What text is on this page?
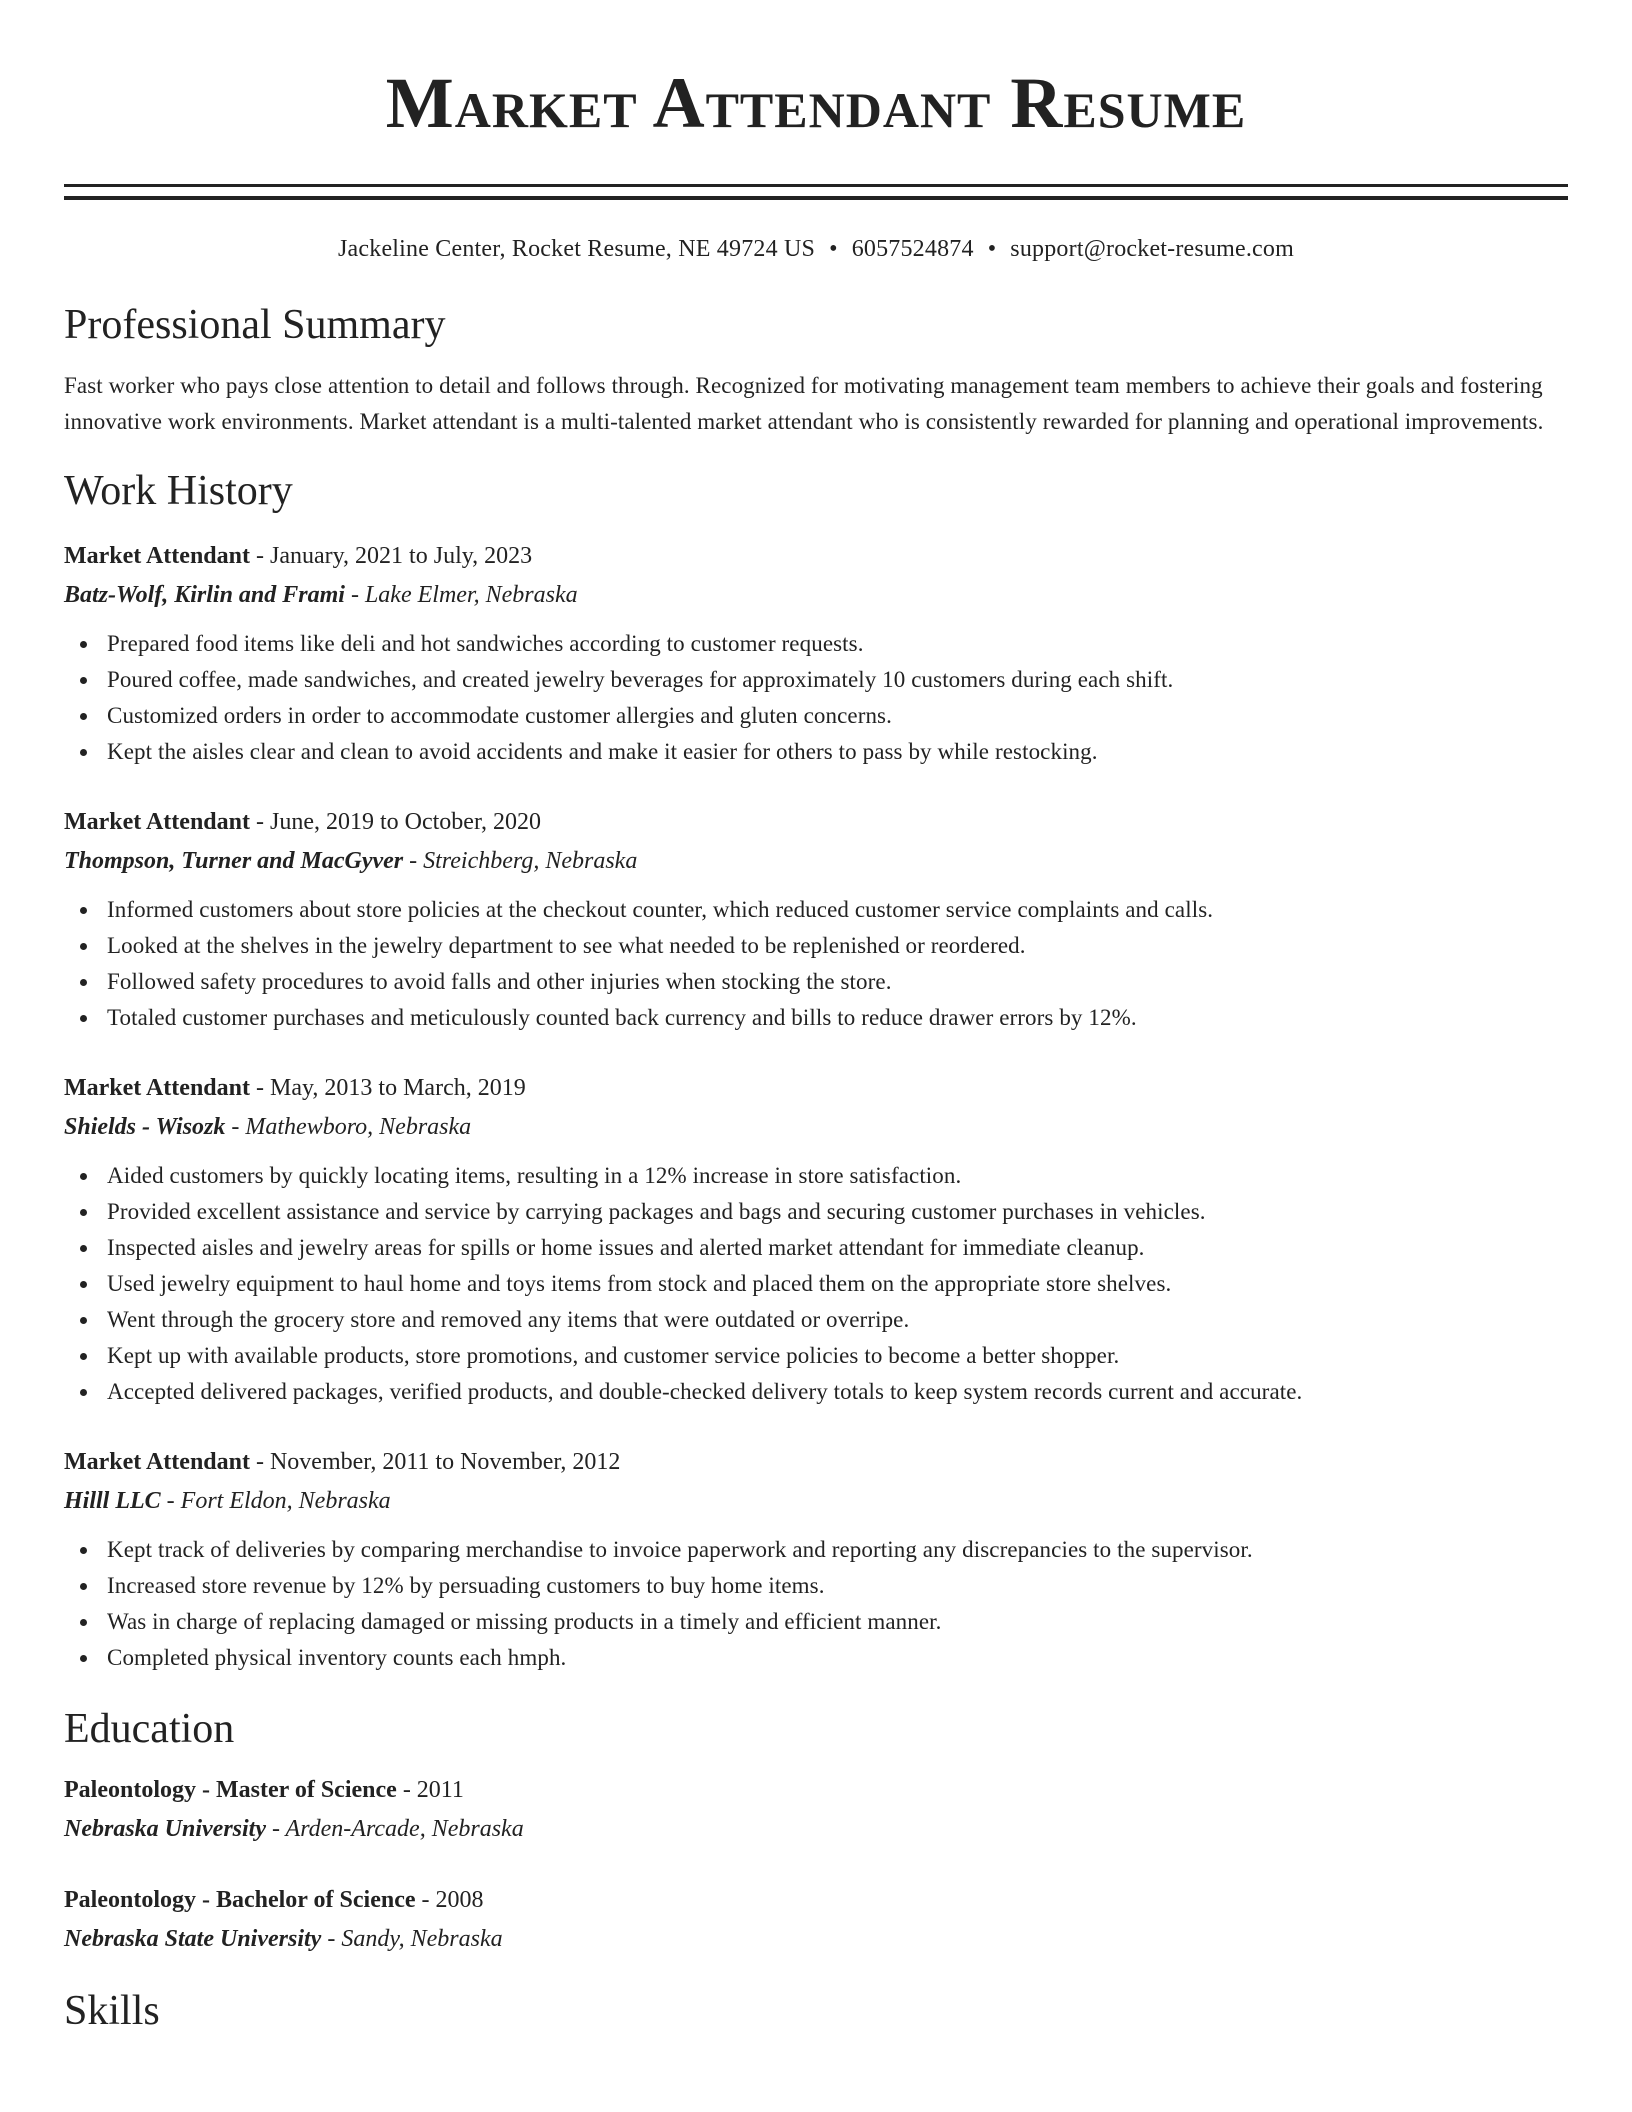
Market Attendant Resume
Jackeline Center, Rocket Resume, NE 49724 US • 6057524874 • support@rocket-resume.com
Professional Summary

Fast worker who pays close attention to detail and follows through. Recognized for motivating management team members to achieve their goals and fostering innovative work environments. Market attendant is a multi-talented market attendant who is consistently rewarded for planning and operational improvements.

Work History

Market Attendant - January, 2021 to July, 2023

Batz-Wolf, Kirlin and Frami - Lake Elmer, Nebraska

Prepared food items like deli and hot sandwiches according to customer requests.
Poured coffee, made sandwiches, and created jewelry beverages for approximately 10 customers during each shift.
Customized orders in order to accommodate customer allergies and gluten concerns.
Kept the aisles clear and clean to avoid accidents and make it easier for others to pass by while restocking.

Market Attendant - June, 2019 to October, 2020

Thompson, Turner and MacGyver - Streichberg, Nebraska

Informed customers about store policies at the checkout counter, which reduced customer service complaints and calls.
Looked at the shelves in the jewelry department to see what needed to be replenished or reordered.
Followed safety procedures to avoid falls and other injuries when stocking the store.
Totaled customer purchases and meticulously counted back currency and bills to reduce drawer errors by 12%.

Market Attendant - May, 2013 to March, 2019

Shields - Wisozk - Mathewboro, Nebraska

Aided customers by quickly locating items, resulting in a 12% increase in store satisfaction.
Provided excellent assistance and service by carrying packages and bags and securing customer purchases in vehicles.
Inspected aisles and jewelry areas for spills or home issues and alerted market attendant for immediate cleanup.
Used jewelry equipment to haul home and toys items from stock and placed them on the appropriate store shelves.
Went through the grocery store and removed any items that were outdated or overripe.
Kept up with available products, store promotions, and customer service policies to become a better shopper.
Accepted delivered packages, verified products, and double-checked delivery totals to keep system records current and accurate.

Market Attendant - November, 2011 to November, 2012

Hilll LLC - Fort Eldon, Nebraska

Kept track of deliveries by comparing merchandise to invoice paperwork and reporting any discrepancies to the supervisor.
Increased store revenue by 12% by persuading customers to buy home items.
Was in charge of replacing damaged or missing products in a timely and efficient manner.
Completed physical inventory counts each hmph.
Education

Paleontology - Master of Science - 2011

Nebraska University - Arden-Arcade, Nebraska

Paleontology - Bachelor of Science - 2008

Nebraska State University - Sandy, Nebraska

Skills
